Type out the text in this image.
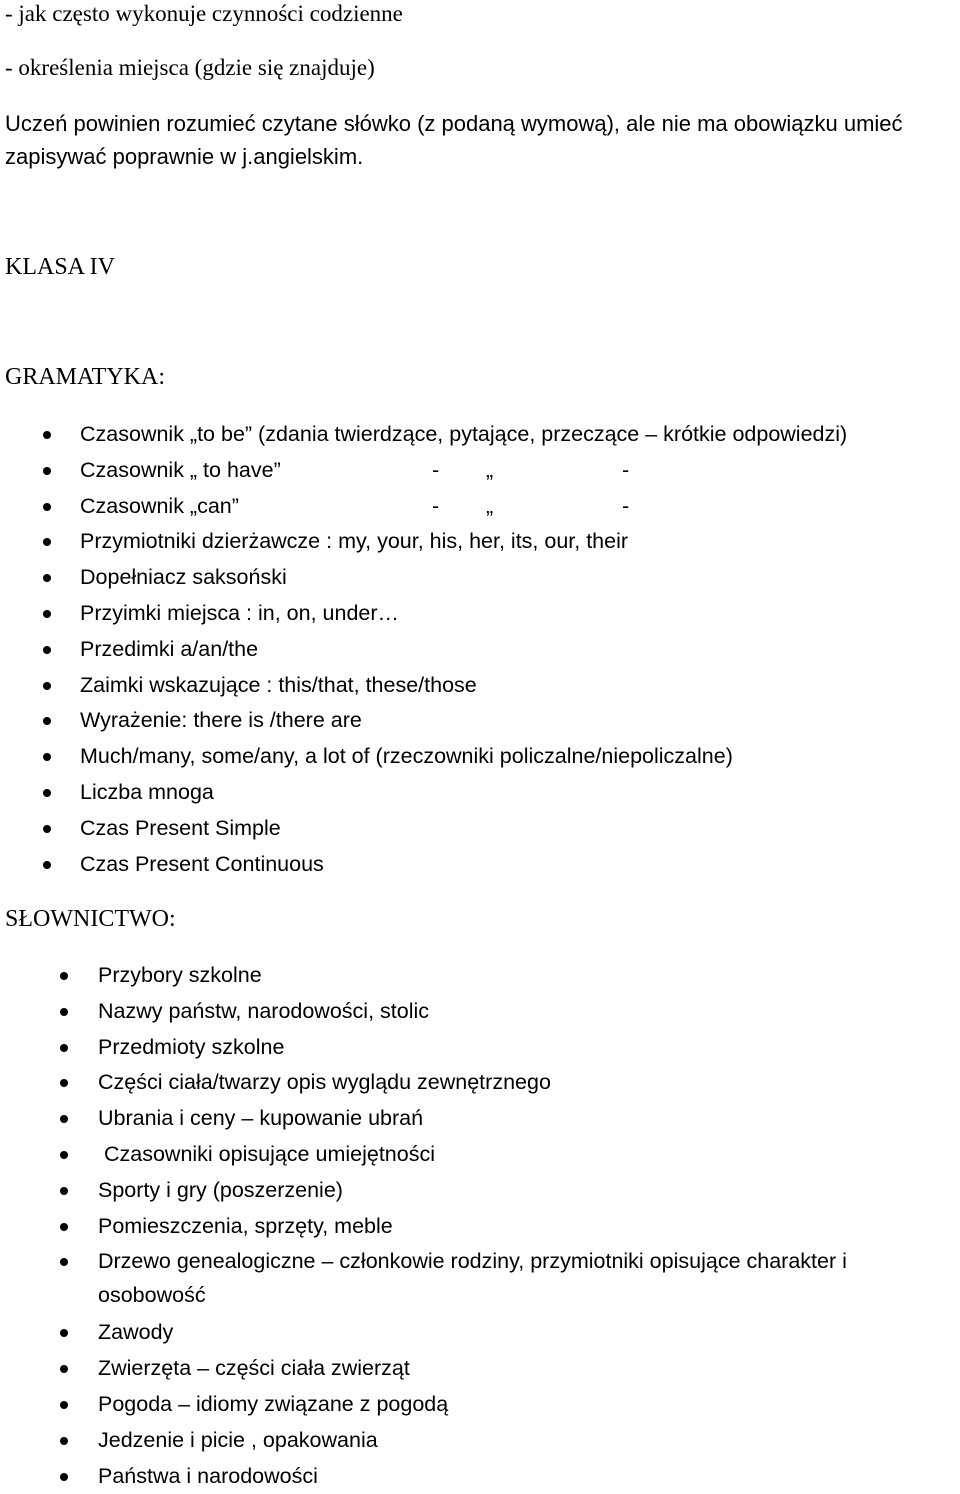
- jak często wykonuje czynności codzienne
- określenia miejsca (gdzie się znajduje)
Uczeń powinien rozumieć czytane słówko (z podaną wymową), ale nie ma obowiązku umieć
zapisywać poprawnie w j.angielskim.
KLASA IV
GRAMATYKA:
Czasownik „to be” (zdania twierdzące, pytające, przeczące – krótkie odpowiedzi)
Czasownik „ to have”	- „	-
Czasownik „can”	- „	-
Przymiotniki dzierżawcze : my, your, his, her, its, our, their
Dopełniacz saksoński
Przyimki miejsca : in, on, under…
Przedimki a/an/the
Zaimki wskazujące : this/that, these/those
Wyrażenie: there is /there are
Much/many, some/any, a lot of (rzeczowniki policzalne/niepoliczalne)
Liczba mnoga
Czas Present Simple
Czas Present Continuous
SŁOWNICTWO:
Przybory szkolne
Nazwy państw, narodowości, stolic
Przedmioty szkolne
Części ciała/twarzy opis wyglądu zewnętrznego
Ubrania i ceny – kupowanie ubrań
Czasowniki opisujące umiejętności
Sporty i gry (poszerzenie)
Pomieszczenia, sprzęty, meble
Drzewo genealogiczne – członkowie rodziny, przymiotniki opisujące charakter i osobowość
Zawody
Zwierzęta – części ciała zwierząt
Pogoda – idiomy związane z pogodą
Jedzenie i picie , opakowania
Państwa i narodowości
